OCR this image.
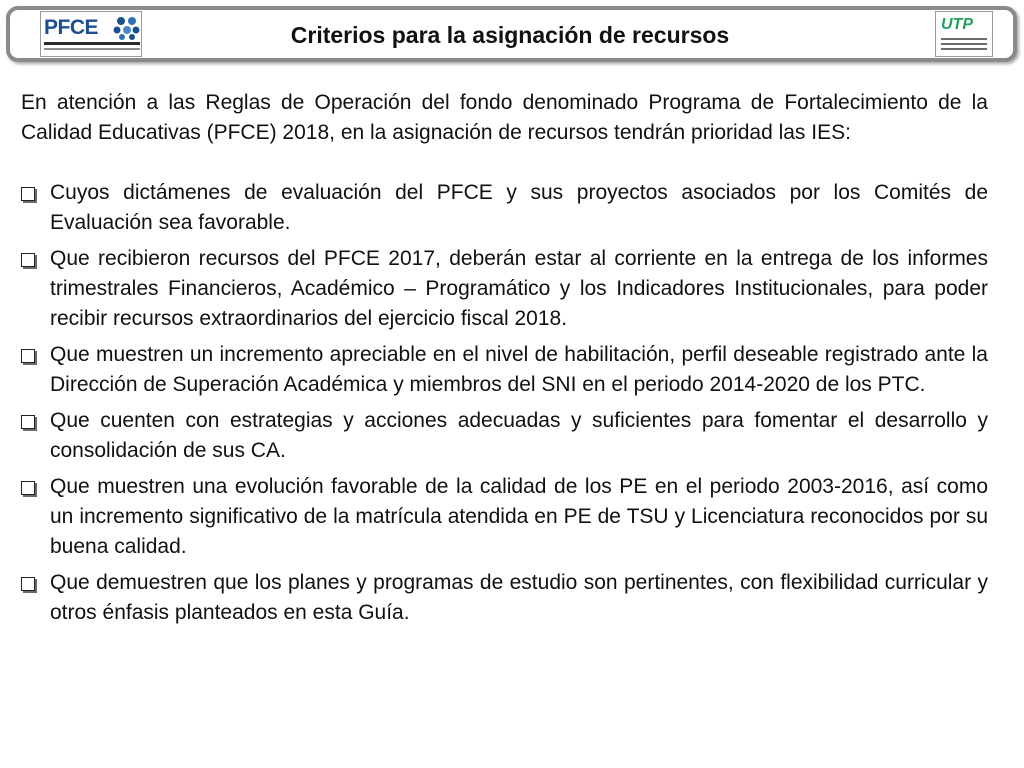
PFCE	Criterios para la asignación de recursos	UTP

En atención a las Reglas de Operación del fondo denominado Programa de Fortalecimiento de la Calidad Educativas (PFCE) 2018, en la asignación de recursos tendrán prioridad las IES:

Cuyos dictámenes de evaluación del PFCE y sus proyectos asociados por los Comités de Evaluación sea favorable.
Que recibieron recursos del PFCE 2017, deberán estar al corriente en la entrega de los informes trimestrales Financieros, Académico – Programático y los Indicadores Institucionales, para poder recibir recursos extraordinarios del ejercicio fiscal 2018.
Que muestren un incremento apreciable en el nivel de habilitación, perfil deseable registrado ante la Dirección de Superación Académica y miembros del SNI en el periodo 2014-2020 de los PTC.
Que cuenten con estrategias y acciones adecuadas y suficientes para fomentar el desarrollo y consolidación de sus CA.
Que muestren una evolución favorable de la calidad de los PE en el periodo 2003-2016, así como un incremento significativo de la matrícula atendida en PE de TSU y Licenciatura reconocidos por su buena calidad.
Que demuestren que los planes y programas de estudio son pertinentes, con flexibilidad curricular y otros énfasis planteados en esta Guía.
